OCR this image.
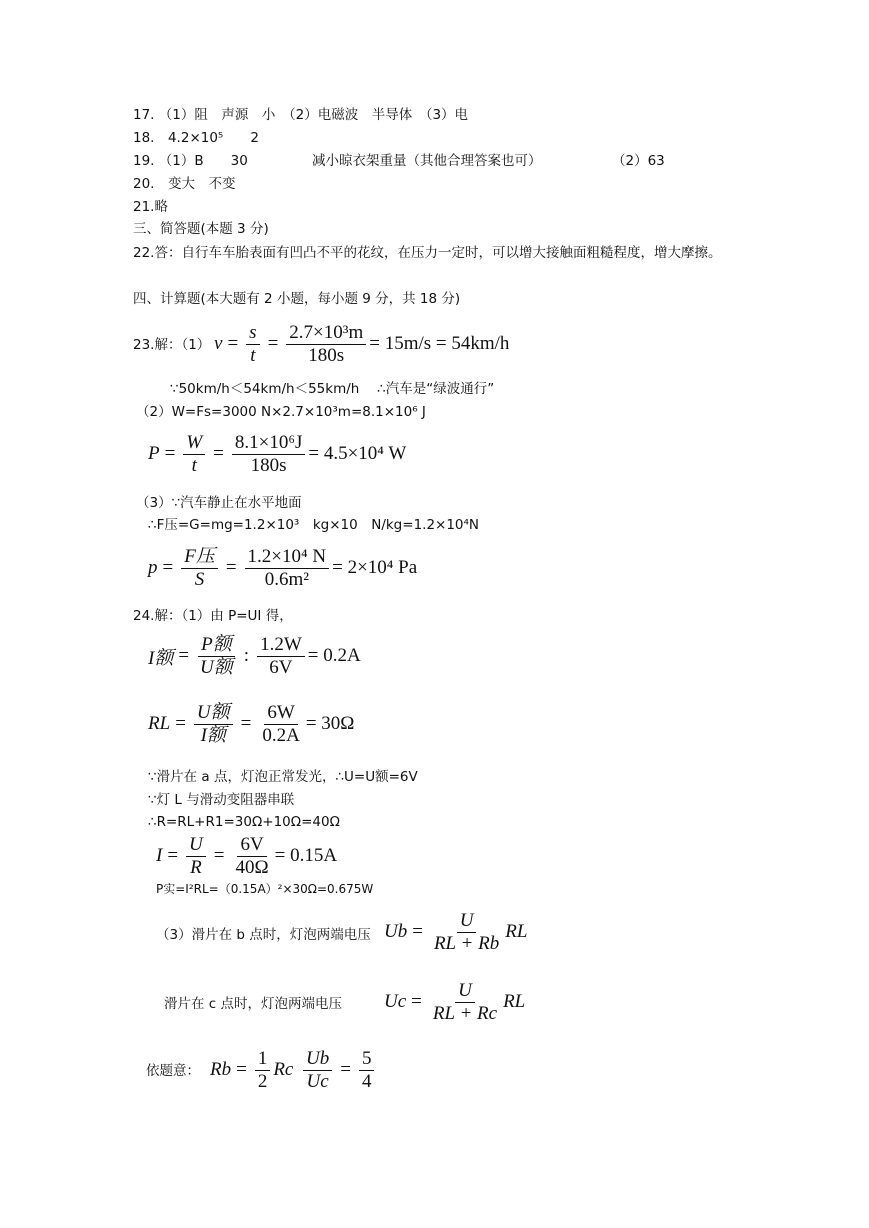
17. （1）阻　声源　小　（2）电磁波　半导体　（3）电
18.　4.2×10⁵　　2
19. （1）B　　30	减小晾衣架重量（其他合理答案也可）	（2）63
20.　变大　不变
21.略
三、简答题(本题 3 分)
22.答：自行车车胎表面有凹凸不平的花纹，在压力一定时，可以增大接触面粗糙程度，增大摩擦。
四、计算题(本大题有 2 小题，每小题 9 分，共 18 分)
23.解：（1） $v = \frac{s}{t} = \frac{\text{2.7×10³m}}{180s} = 15m/s = 54km/h$
∵50km/h＜54km/h＜55km/h　 ∴汽车是“绿波通行”
（2）W=Fs=3000 N×2.7×10³m=8.1×10⁶ J
$P = \frac{W}{t} = \frac{\text{8.1×10⁶J}}{180s} = 4.5\times 10^4$ W
（3）∵汽车静止在水平地面
∴F压=G=mg=1.2×10³　kg×10　N/kg=1.2×10⁴N
$p = \frac{\text{F压}}{S} = \frac{\text{1.2×10⁴ N}}{\text{0.6m²}} = 2\times 10^4$ Pa
24.解：（1）由 P=UI 得，
I额 = $\frac{\text{P额}}{\text{U额}}$ : $\frac{1.2W}{6V} = 0.2A$
RL = $\frac{\text{U额}}{\text{I额}} = \frac{6W}{0.2A} = 30\Omega$
∵滑片在 a 点，灯泡正常发光，∴U=U额=6V
∵灯 L 与滑动变阻器串联
∴R=RL+R1=30Ω+10Ω=40Ω
$I = \frac{U}{R} = \frac{6V}{40\Omega} = 0.15A$
P实=I²RL=（0.15A）²×30Ω=0.675W
（3）滑片在 b 点时，灯泡两端电压 $Ub = \frac{U}{RL + Rb}$ RL
滑片在 c 点时，灯泡两端电压 $Uc = \frac{U}{RL + Rc}$ RL
依题意： $Rb = \frac{1}{2}$ Rc $\frac{Ub}{Uc} = \frac{5}{4}$
